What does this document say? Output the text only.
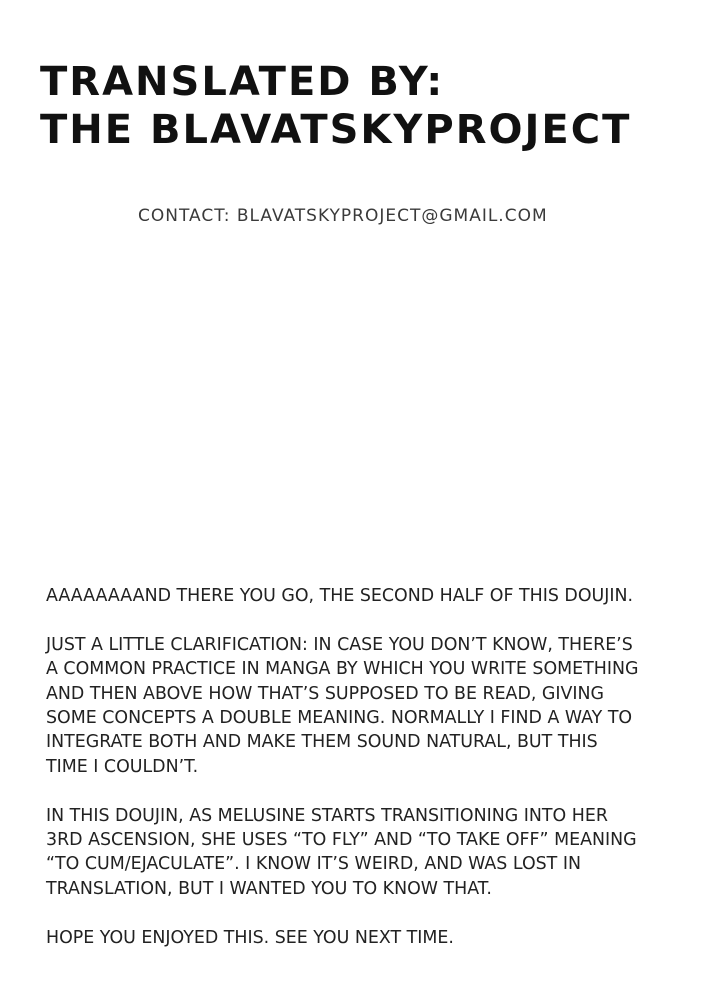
TRANSLATED BY:
THE BLAVATSKYPROJECT

CONTACT: BLAVATSKYPROJECT@GMAIL.COM

AAAAAAAAND THERE YOU GO, THE SECOND HALF OF THIS DOUJIN.
JUST A LITTLE CLARIFICATION: IN CASE YOU DON’T KNOW, THERE’S
A COMMON PRACTICE IN MANGA BY WHICH YOU WRITE SOMETHING
AND THEN ABOVE HOW THAT’S SUPPOSED TO BE READ, GIVING
SOME CONCEPTS A DOUBLE MEANING. NORMALLY I FIND A WAY TO
INTEGRATE BOTH AND MAKE THEM SOUND NATURAL, BUT THIS
TIME I COULDN’T.
IN THIS DOUJIN, AS MELUSINE STARTS TRANSITIONING INTO HER
3RD ASCENSION, SHE USES “TO FLY” AND “TO TAKE OFF” MEANING
“TO CUM/EJACULATE”. I KNOW IT’S WEIRD, AND WAS LOST IN
TRANSLATION, BUT I WANTED YOU TO KNOW THAT.
HOPE YOU ENJOYED THIS. SEE YOU NEXT TIME.
